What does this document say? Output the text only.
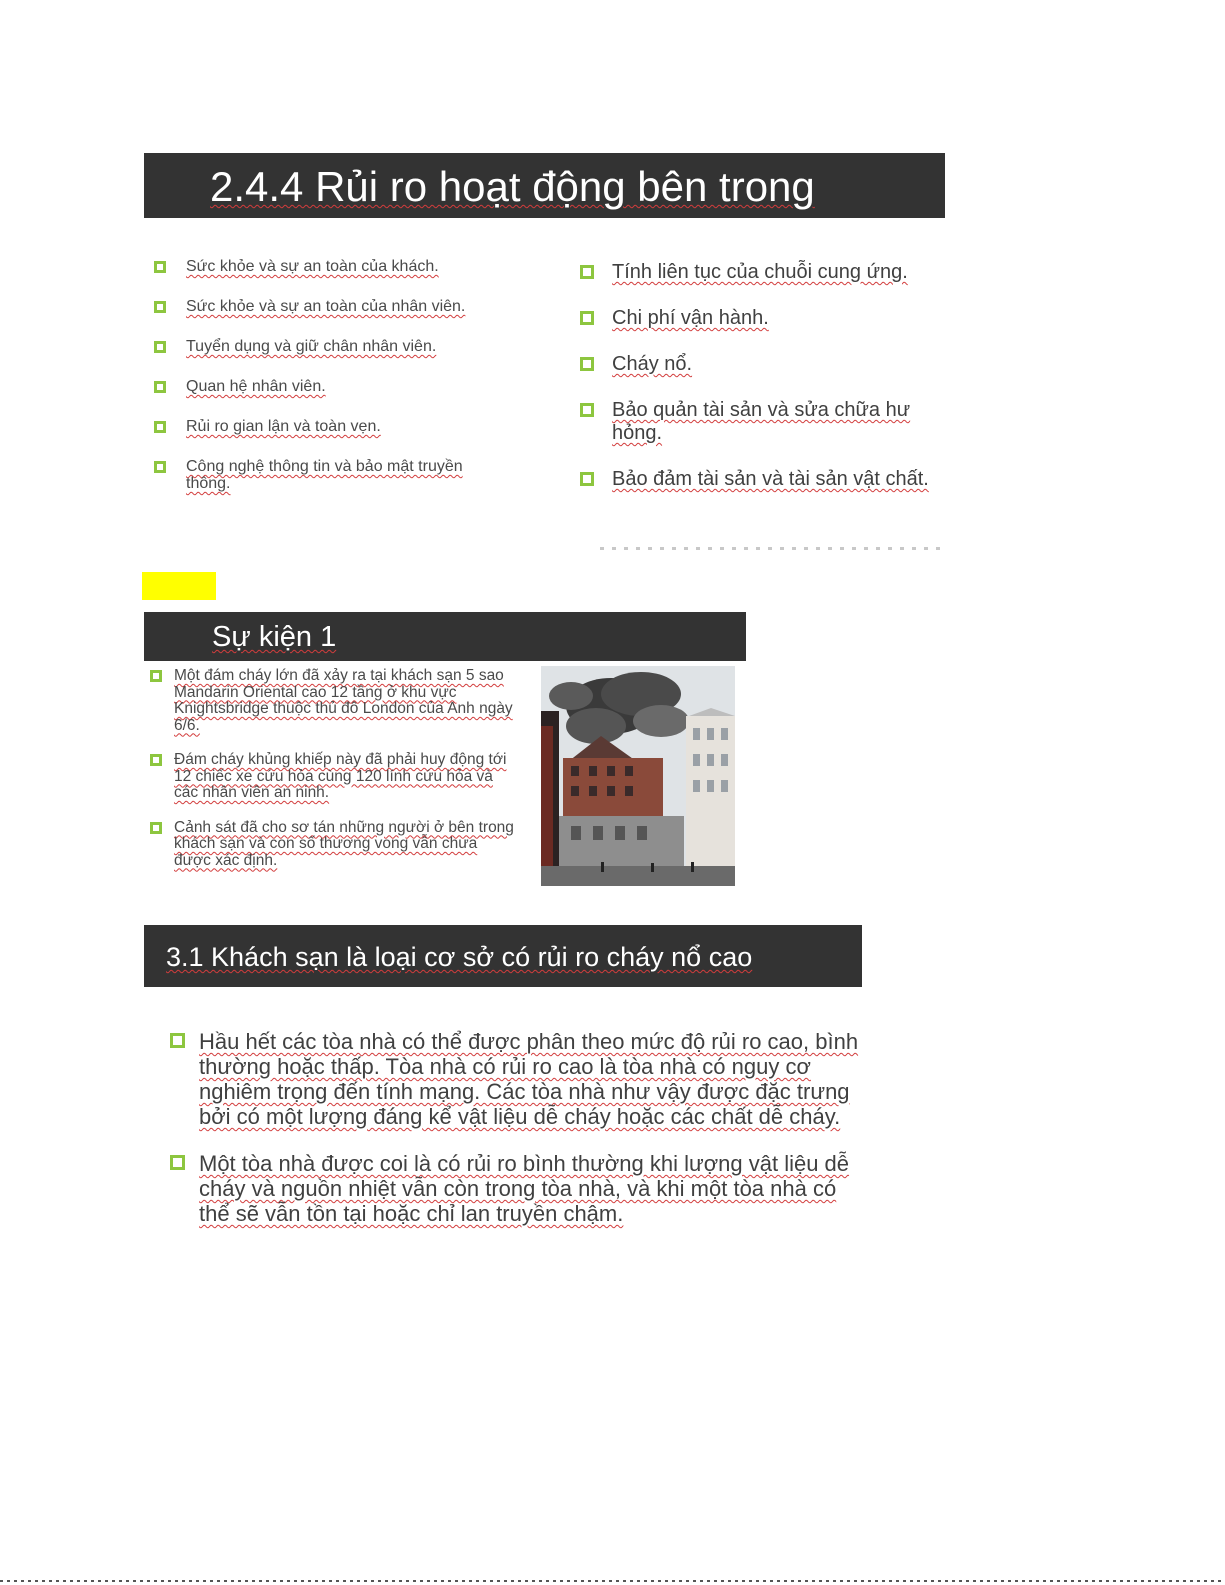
2.4.4 Rủi ro hoạt động bên trong
Sức khỏe và sự an toàn của khách.
Sức khỏe và sự an toàn của nhân viên.
Tuyển dụng và giữ chân nhân viên.
Quan hệ nhân viên.
Rủi ro gian lận và toàn vẹn.
Công nghệ thông tin và bảo mật truyền thông.
Tính liên tục của chuỗi cung ứng.
Chi phí vận hành.
Cháy nổ.
Bảo quản tài sản và sửa chữa hư hỏng.
Bảo đảm tài sản và tài sản vật chất.
Sự kiện 1
Một đám cháy lớn đã xảy ra tại khách sạn 5 sao Mandarin Oriental cao 12 tầng ở khu vực Knightsbridge thuộc thủ đô London của Anh ngày 6/6.
Đám cháy khủng khiếp này đã phải huy động tới 12 chiếc xe cứu hỏa cùng 120 lính cứu hỏa và các nhân viên an ninh.
Cảnh sát đã cho sơ tán những người ở bên trong khách sạn và con số thương vong vẫn chưa được xác định.
3.1 Khách sạn là loại cơ sở có rủi ro cháy nổ cao
Hầu hết các tòa nhà có thể được phân theo mức độ rủi ro cao, bình thường hoặc thấp. Tòa nhà có rủi ro cao là tòa nhà có nguy cơ nghiêm trọng đến tính mạng. Các tòa nhà như vậy được đặc trưng bởi có một lượng đáng kể vật liệu dễ cháy hoặc các chất dễ cháy.
Một tòa nhà được coi là có rủi ro bình thường khi lượng vật liệu dễ cháy và nguồn nhiệt vẫn còn trong tòa nhà, và khi một tòa nhà có thể sẽ vẫn tồn tại hoặc chỉ lan truyền chậm.
